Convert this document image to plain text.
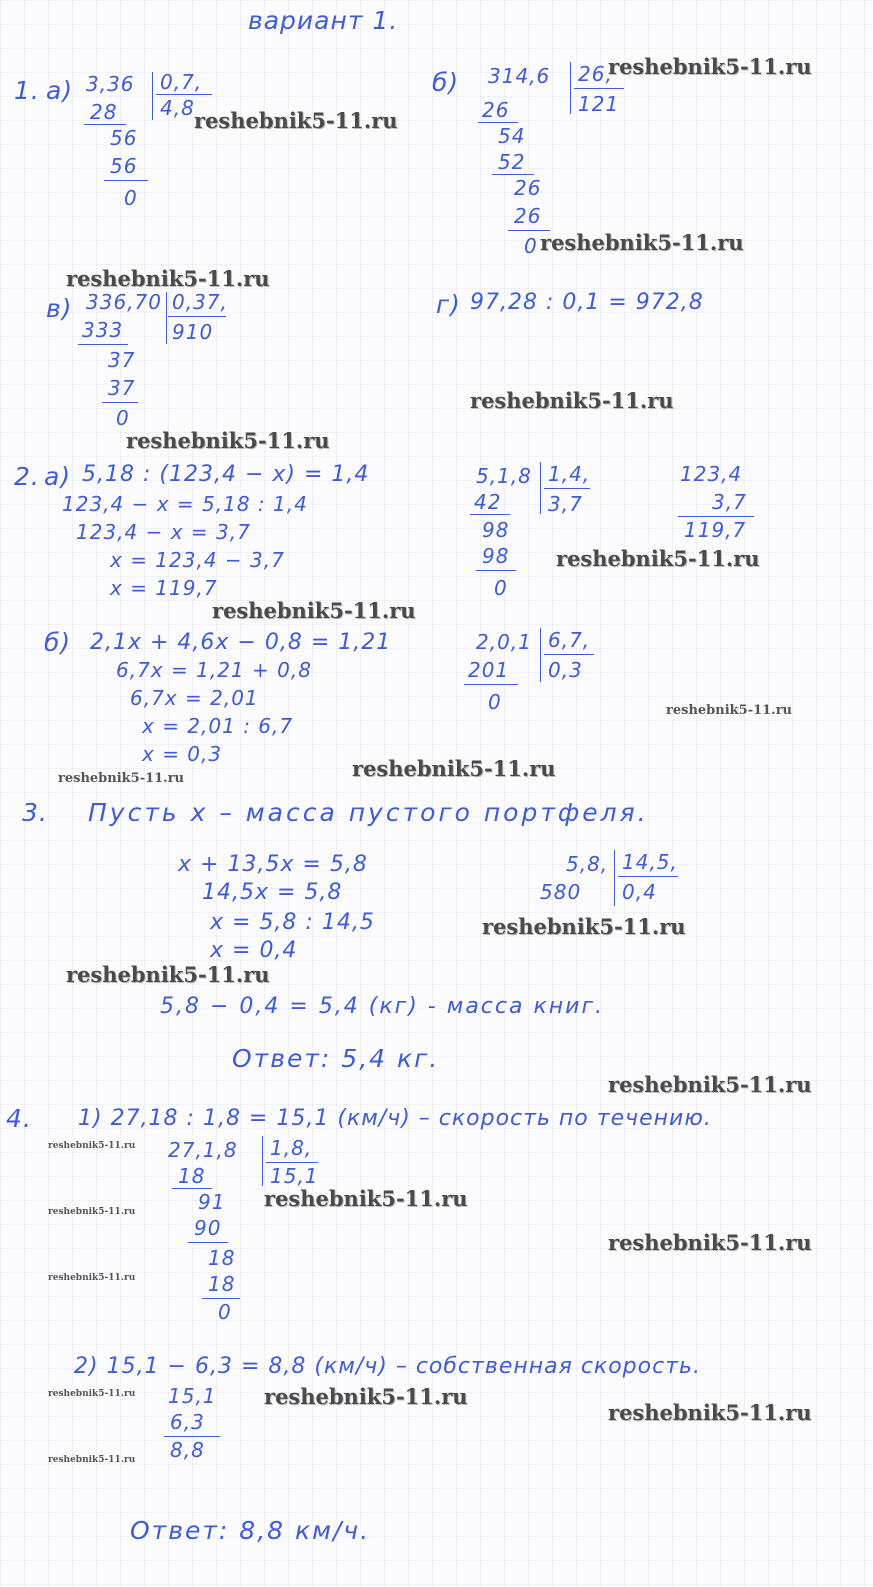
вариант 1.
1. а) 3,36 0,7,
4,8
28
56
56
0
reshebnik5-11.ru
б) 314,6 26,
121
reshebnik5-11.ru
26
54
52
26
26
0 reshebnik5-11.ru
reshebnik5-11.ru
в) 336,70 0,37,
910
333
37
37
0
г) 97,28 : 0,1 = 972,8
reshebnik5-11.ru
reshebnik5-11.ru
2. а) 5,18 : (123,4 − x) = 1,4
123,4 − x = 5,18 : 1,4
123,4 − x = 3,7
x = 123,4 − 3,7
x = 119,7
5,1,8 1,4,
3,7
42
98
98
0
123,4
3,7
119,7
reshebnik5-11.ru
reshebnik5-11.ru
б) 2,1x + 4,6x − 0,8 = 1,21
6,7x = 1,21 + 0,8
6,7x = 2,01
x = 2,01 : 6,7
x = 0,3
2,0,1 6,7,
0,3
201
0	reshebnik5-11.ru
reshebnik5-11.ru	reshebnik5-11.ru
3. Пусть x – масса пустого портфеля.
x + 13,5x = 5,8
14,5x = 5,8
x = 5,8 : 14,5
x = 0,4
5,8, 14,5,
0,4
580
reshebnik5-11.ru
reshebnik5-11.ru
5,8 − 0,4 = 5,4 (кг) - масса книг.
Ответ: 5,4 кг.
reshebnik5-11.ru
4. 1) 27,18 : 1,8 = 15,1 (км/ч) – скорость по течению.
reshebnik5-11.ru 27,1,8 1,8,
15,1
18
91 reshebnik5-11.ru
reshebnik5-11.ru
90
18
reshebnik5-11.ru
reshebnik5-11.ru	18
0
2) 15,1 − 6,3 = 8,8 (км/ч) – собственная скорость.
reshebnik5-11.ru 15,1 reshebnik5-11.ru
reshebnik5-11.ru
6,3
8,8
reshebnik5-11.ru
Ответ: 8,8 км/ч.
